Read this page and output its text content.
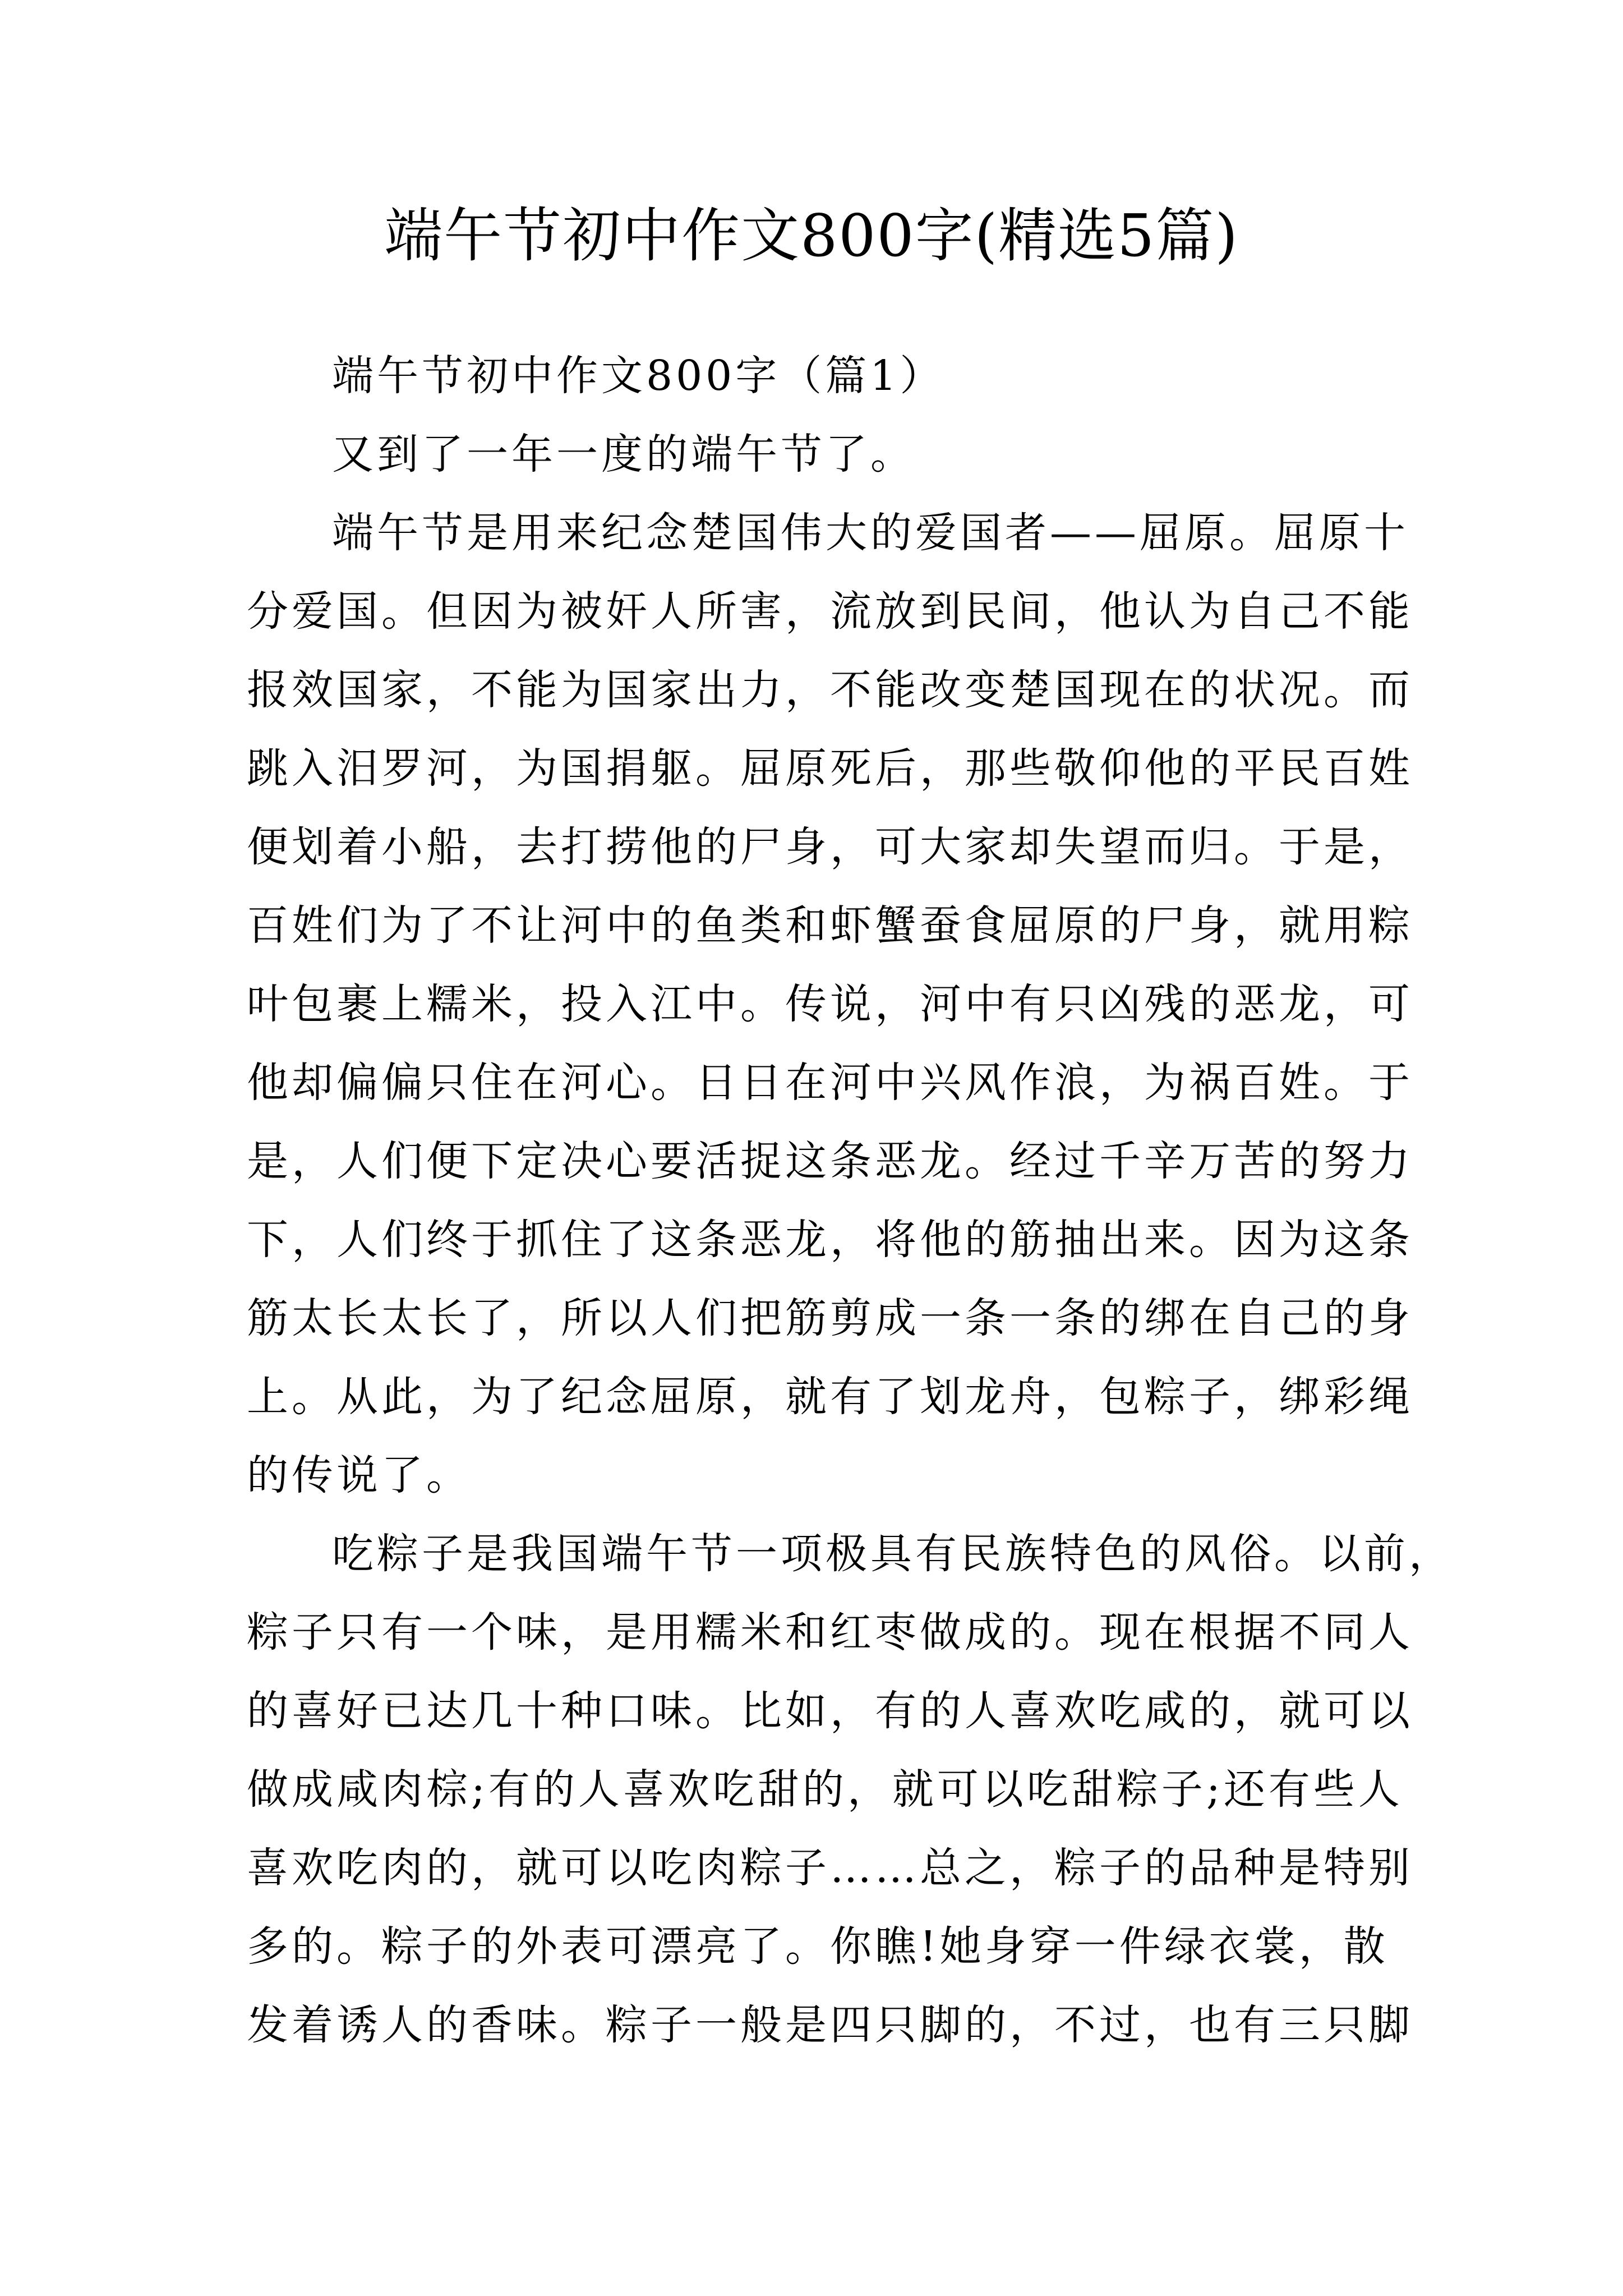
端午节初中作文800字(精选5篇)
端午节初中作文800字（篇1）
又到了一年一度的端午节了。
端午节是用来纪念楚国伟大的爱国者——屈原。屈原十
分爱国。但因为被奸人所害，流放到民间，他认为自己不能
报效国家，不能为国家出力，不能改变楚国现在的状况。而
跳入汨罗河，为国捐躯。屈原死后，那些敬仰他的平民百姓
便划着小船，去打捞他的尸身，可大家却失望而归。于是，
百姓们为了不让河中的鱼类和虾蟹蚕食屈原的尸身，就用粽
叶包裹上糯米，投入江中。传说，河中有只凶残的恶龙，可
他却偏偏只住在河心。日日在河中兴风作浪，为祸百姓。于
是，人们便下定决心要活捉这条恶龙。经过千辛万苦的努力
下，人们终于抓住了这条恶龙，将他的筋抽出来。因为这条
筋太长太长了，所以人们把筋剪成一条一条的绑在自己的身
上。从此，为了纪念屈原，就有了划龙舟，包粽子，绑彩绳
的传说了。
吃粽子是我国端午节一项极具有民族特色的风俗。以前，
粽子只有一个味，是用糯米和红枣做成的。现在根据不同人
的喜好已达几十种口味。比如，有的人喜欢吃咸的，就可以
做成咸肉棕;有的人喜欢吃甜的，就可以吃甜粽子;还有些人
喜欢吃肉的，就可以吃肉粽子……总之，粽子的品种是特别
多的。粽子的外表可漂亮了。你瞧!她身穿一件绿衣裳，散
发着诱人的香味。粽子一般是四只脚的，不过，也有三只脚
